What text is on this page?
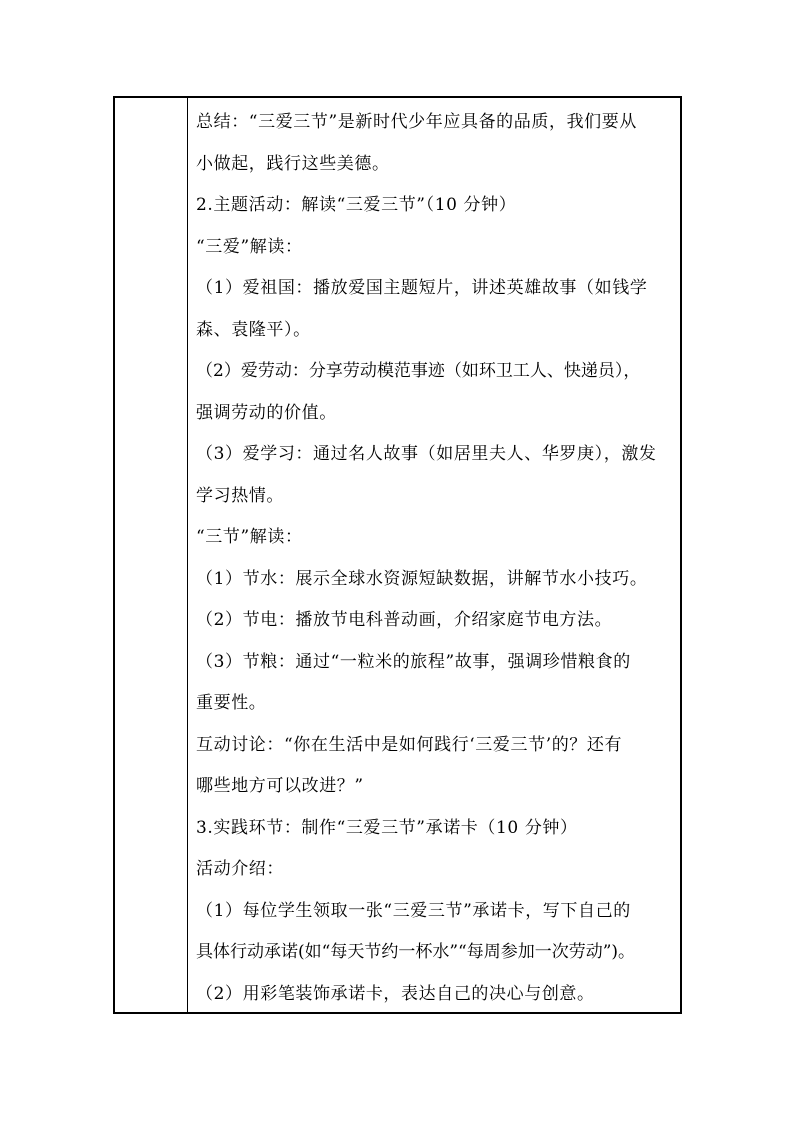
总结：“三爱三节”是新时代少年应具备的品质，我们要从
小做起，践行这些美德。
2.主题活动：解读“三爱三节”（10 分钟）
“三爱”解读：
（1）爱祖国：播放爱国主题短片，讲述英雄故事（如钱学
森、袁隆平）。
（2）爱劳动：分享劳动模范事迹（如环卫工人、快递员），
强调劳动的价值。
（3）爱学习：通过名人故事（如居里夫人、华罗庚），激发
学习热情。
“三节”解读：
（1）节水：展示全球水资源短缺数据，讲解节水小技巧。
（2）节电：播放节电科普动画，介绍家庭节电方法。
（3）节粮：通过“一粒米的旅程”故事，强调珍惜粮食的
重要性。
互动讨论：“你在生活中是如何践行‘三爱三节’的？还有
哪些地方可以改进？”
3.实践环节：制作“三爱三节”承诺卡（10 分钟）
活动介绍：
（1）每位学生领取一张“三爱三节”承诺卡，写下自己的
具体行动承诺(如“每天节约一杯水”“每周参加一次劳动”)。
（2）用彩笔装饰承诺卡，表达自己的决心与创意。
